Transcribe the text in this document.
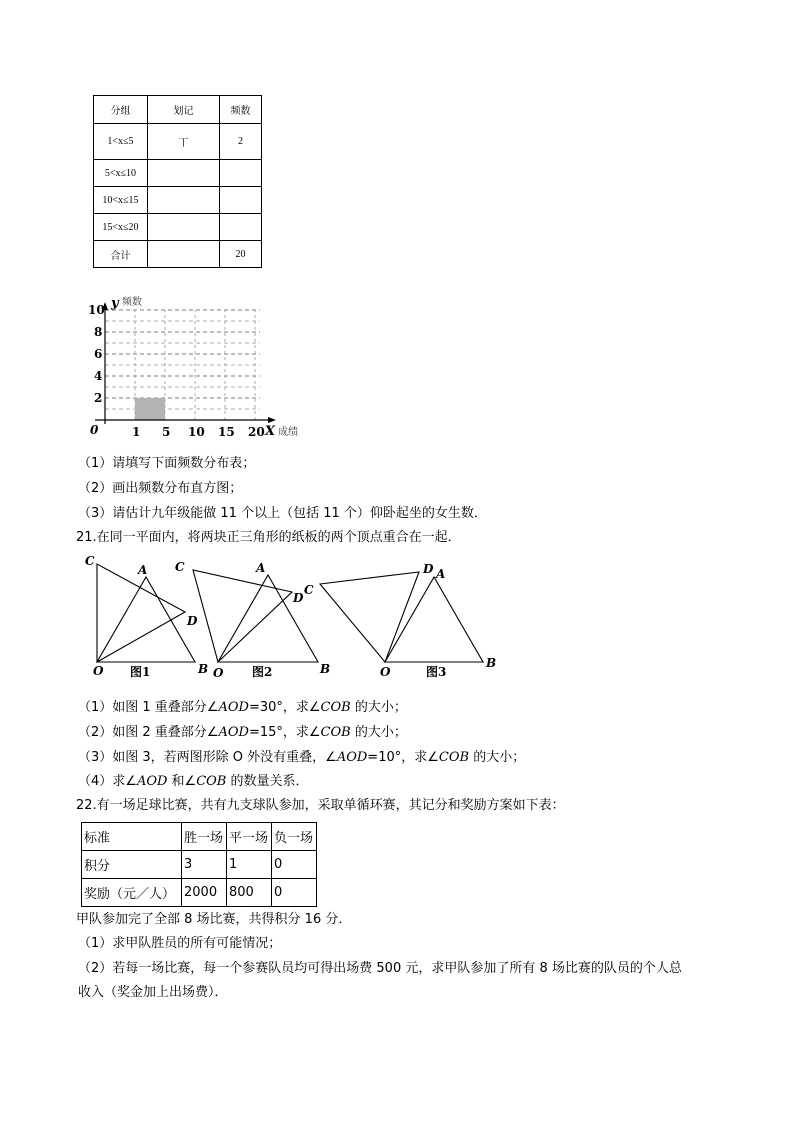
分组	划记	频数
1<x≤5	丅	2
5<x≤10		
10<x≤15		
15<x≤20		
合计		20
2
4
6
8
10
1 5 10 15 20
y 频数
0	X 成绩
（1）请填写下面频数分布表；
（2）画出频数分布直方图；
（3）请估计九年级能做 11 个以上（包括 11 个）仰卧起坐的女生数．
21.在同一平面内，将两块正三角形的纸板的两个顶点重合在一起．
C
A
D
O	B
C	A
D
O	B
C
D A
O
B
图1	图2	图3
（1）如图 1 重叠部分∠AOD=30°，求∠COB 的大小；
（2）如图 2 重叠部分∠AOD=15°，求∠COB 的大小；
（3）如图 3，若两图形除 O 外没有重叠，∠AOD=10°，求∠COB 的大小；
（4）求∠AOD 和∠COB 的数量关系．
22.有一场足球比赛，共有九支球队参加，采取单循环赛，其记分和奖励方案如下表：
标准	胜一场	平一场	负一场
积分	3	1	0
奖励（元／人）	2000	800	0
甲队参加完了全部 8 场比赛，共得积分 16 分．
（1）求甲队胜员的所有可能情况；
（2）若每一场比赛，每一个参赛队员均可得出场费 500 元，求甲队参加了所有 8 场比赛的队员的个人总
收入（奖金加上出场费）．
